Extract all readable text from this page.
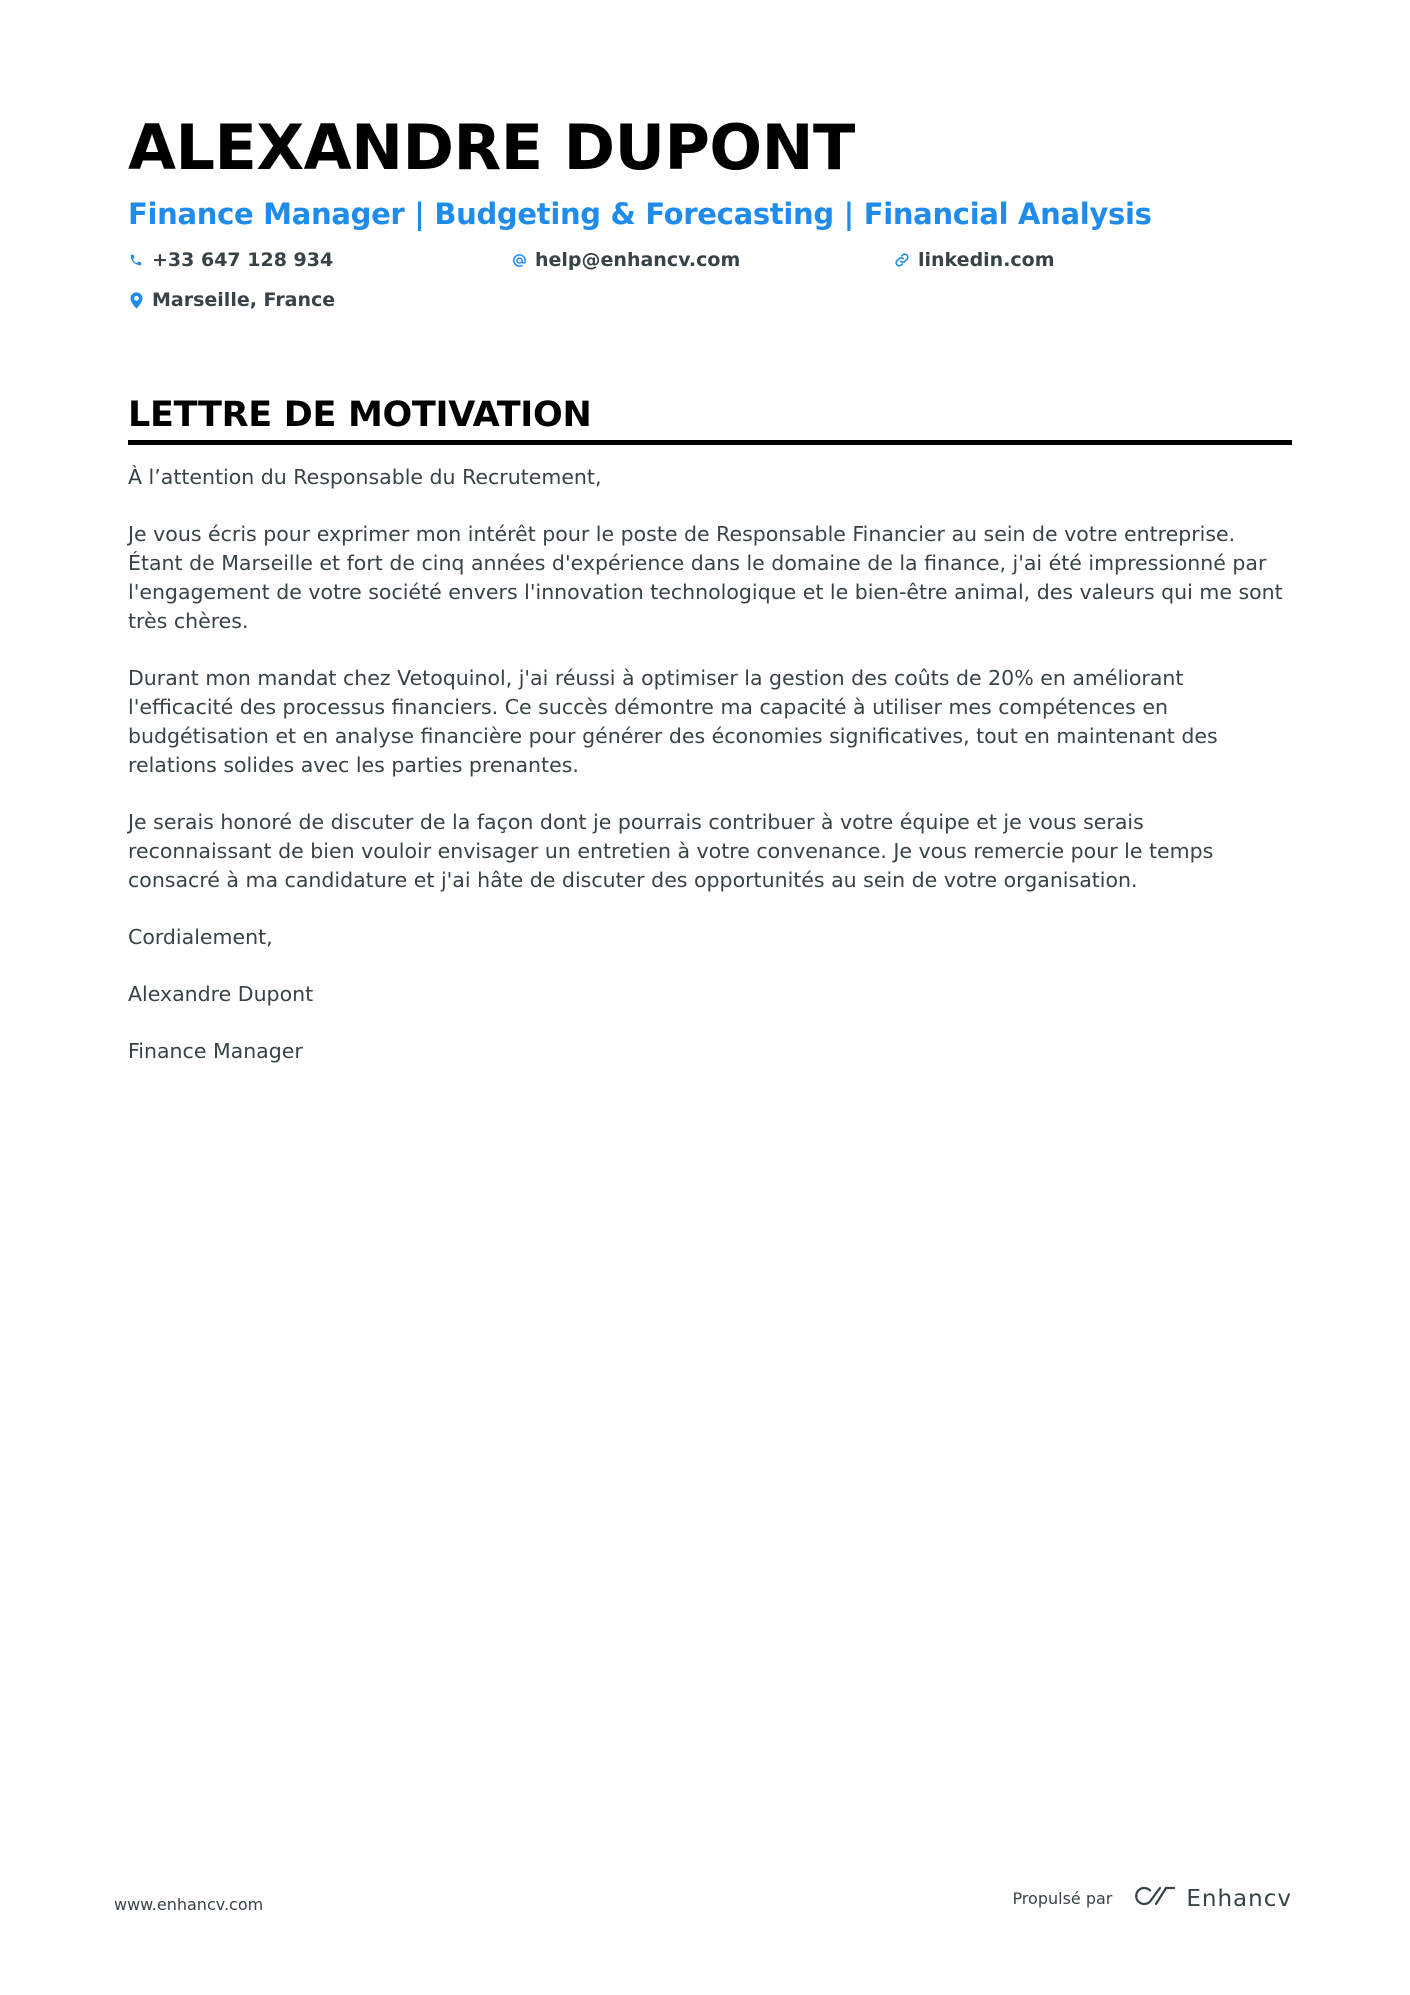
ALEXANDRE DUPONT
Finance Manager | Budgeting & Forecasting | Financial Analysis
+33 647 128 934	help@enhancv.com	linkedin.com
Marseille, France
LETTRE DE MOTIVATION

À l’attention du Responsable du Recrutement,

Je vous écris pour exprimer mon intérêt pour le poste de Responsable Financier au sein de votre entreprise. Étant de Marseille et fort de cinq années d'expérience dans le domaine de la finance, j'ai été impressionné par l'engagement de votre société envers l'innovation technologique et le bien-être animal, des valeurs qui me sont très chères.

Durant mon mandat chez Vetoquinol, j'ai réussi à optimiser la gestion des coûts de 20% en améliorant l'efficacité des processus financiers. Ce succès démontre ma capacité à utiliser mes compétences en budgétisation et en analyse financière pour générer des économies significatives, tout en maintenant des relations solides avec les parties prenantes.

Je serais honoré de discuter de la façon dont je pourrais contribuer à votre équipe et je vous serais reconnaissant de bien vouloir envisager un entretien à votre convenance. Je vous remercie pour le temps consacré à ma candidature et j'ai hâte de discuter des opportunités au sein de votre organisation.

Cordialement,

Alexandre Dupont

Finance Manager

www.enhancv.com	Propulsé par	Enhancv
